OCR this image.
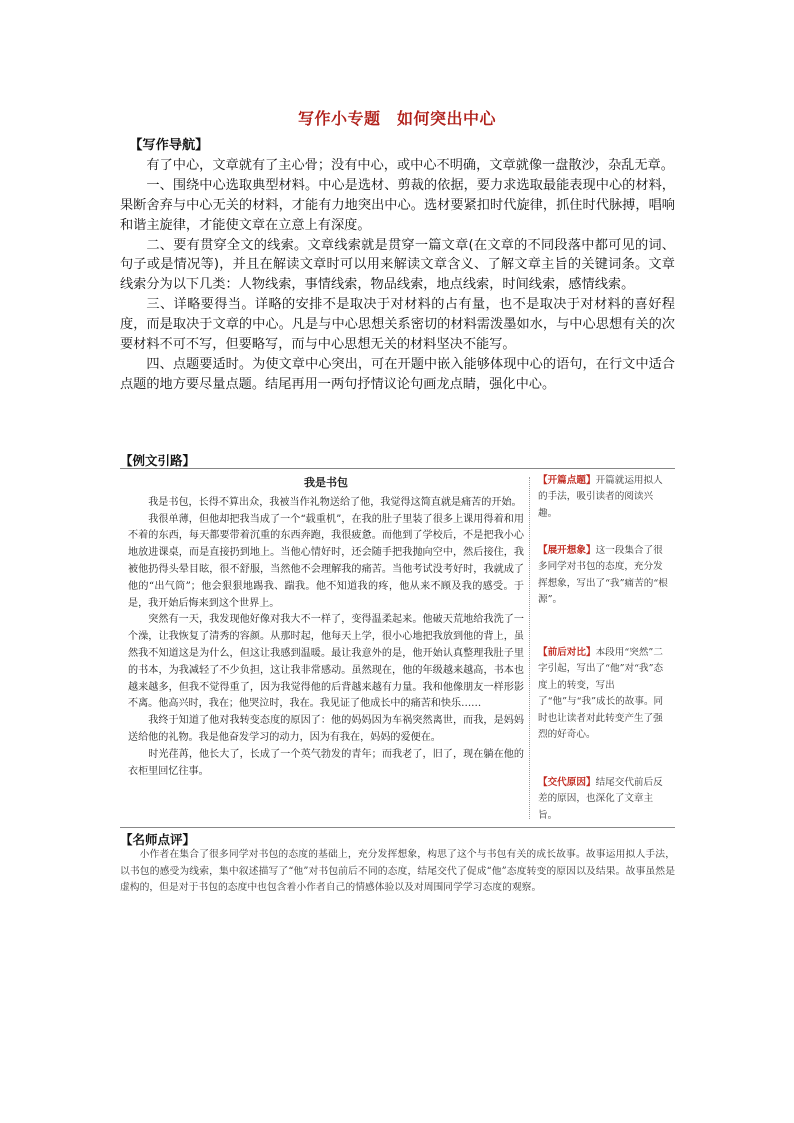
写作小专题　如何突出中心

【写作导航】

有了中心，文章就有了主心骨；没有中心，或中心不明确，文章就像一盘散沙，杂乱无章。

一、围绕中心选取典型材料。中心是选材、剪裁的依据，要力求选取最能表现中心的材料，果断舍弃与中心无关的材料，才能有力地突出中心。选材要紧扣时代旋律，抓住时代脉搏，唱响和谐主旋律，才能使文章在立意上有深度。

二、要有贯穿全文的线索。文章线索就是贯穿一篇文章(在文章的不同段落中都可见的词、句子或是情况等)，并且在解读文章时可以用来解读文章含义、了解文章主旨的关键词条。文章线索分为以下几类：人物线索，事情线索，物品线索，地点线索，时间线索，感情线索。

三、详略要得当。详略的安排不是取决于对材料的占有量，也不是取决于对材料的喜好程度，而是取决于文章的中心。凡是与中心思想关系密切的材料需泼墨如水，与中心思想有关的次要材料不可不写，但要略写，而与中心思想无关的材料坚决不能写。

四、点题要适时。为使文章中心突出，可在开题中嵌入能够体现中心的语句，在行文中适合点题的地方要尽量点题。结尾再用一两句抒情议论句画龙点睛，强化中心。

【例文引路】
我是书包

我是书包，长得不算出众，我被当作礼物送给了他，我觉得这简直就是痛苦的开始。

我很单薄，但他却把我当成了一个“载重机”，在我的肚子里装了很多上课用得着和用不着的东西，每天都要带着沉重的东西奔跑，我很疲惫。而他到了学校后，不是把我小心地放进课桌，而是直接扔到地上。当他心情好时，还会随手把我抛向空中，然后接住，我被他扔得头晕目眩，很不舒服，当然他不会理解我的痛苦。当他考试没考好时，我就成了他的“出气筒”；他会狠狠地踢我、踹我。他不知道我的疼，他从来不顾及我的感受。于是，我开始后悔来到这个世界上。

突然有一天，我发现他好像对我大不一样了，变得温柔起来。他破天荒地给我洗了一个澡，让我恢复了清秀的容颜。从那时起，他每天上学，很小心地把我放到他的背上，虽然我不知道这是为什么，但这让我感到温暖。最让我意外的是，他开始认真整理我肚子里的书本，为我减轻了不少负担，这让我非常感动。虽然现在，他的年级越来越高，书本也越来越多，但我不觉得重了，因为我觉得他的后背越来越有力量。我和他像朋友一样形影不离。他高兴时，我在；他哭泣时，我在。我见证了他成长中的痛苦和快乐……

我终于知道了他对我转变态度的原因了：他的妈妈因为车祸突然离世，而我，是妈妈送给他的礼物。我是他奋发学习的动力，因为有我在，妈妈的爱便在。

时光荏苒，他长大了，长成了一个英气勃发的青年；而我老了，旧了，现在躺在他的衣柜里回忆往事。

【开篇点题】开篇就运用拟人的手法，吸引读者的阅读兴趣。
【展开想象】这一段集合了很多同学对书包的态度，充分发挥想象，写出了“我”痛苦的“根源”。
【前后对比】本段用“突然”二字引起，写出了“他”对“我”态度上的转变，写出了“他”与“我”成长的故事。同时也让读者对此转变产生了强烈的好奇心。
【交代原因】结尾交代前后反差的原因，也深化了文章主旨。
【名师点评】

小作者在集合了很多同学对书包的态度的基础上，充分发挥想象，构思了这个与书包有关的成长故事。故事运用拟人手法，以书包的感受为线索，集中叙述描写了“他”对书包前后不同的态度，结尾交代了促成“他”态度转变的原因以及结果。故事虽然是虚构的，但是对于书包的态度中也包含着小作者自己的情感体验以及对周围同学学习态度的观察。
